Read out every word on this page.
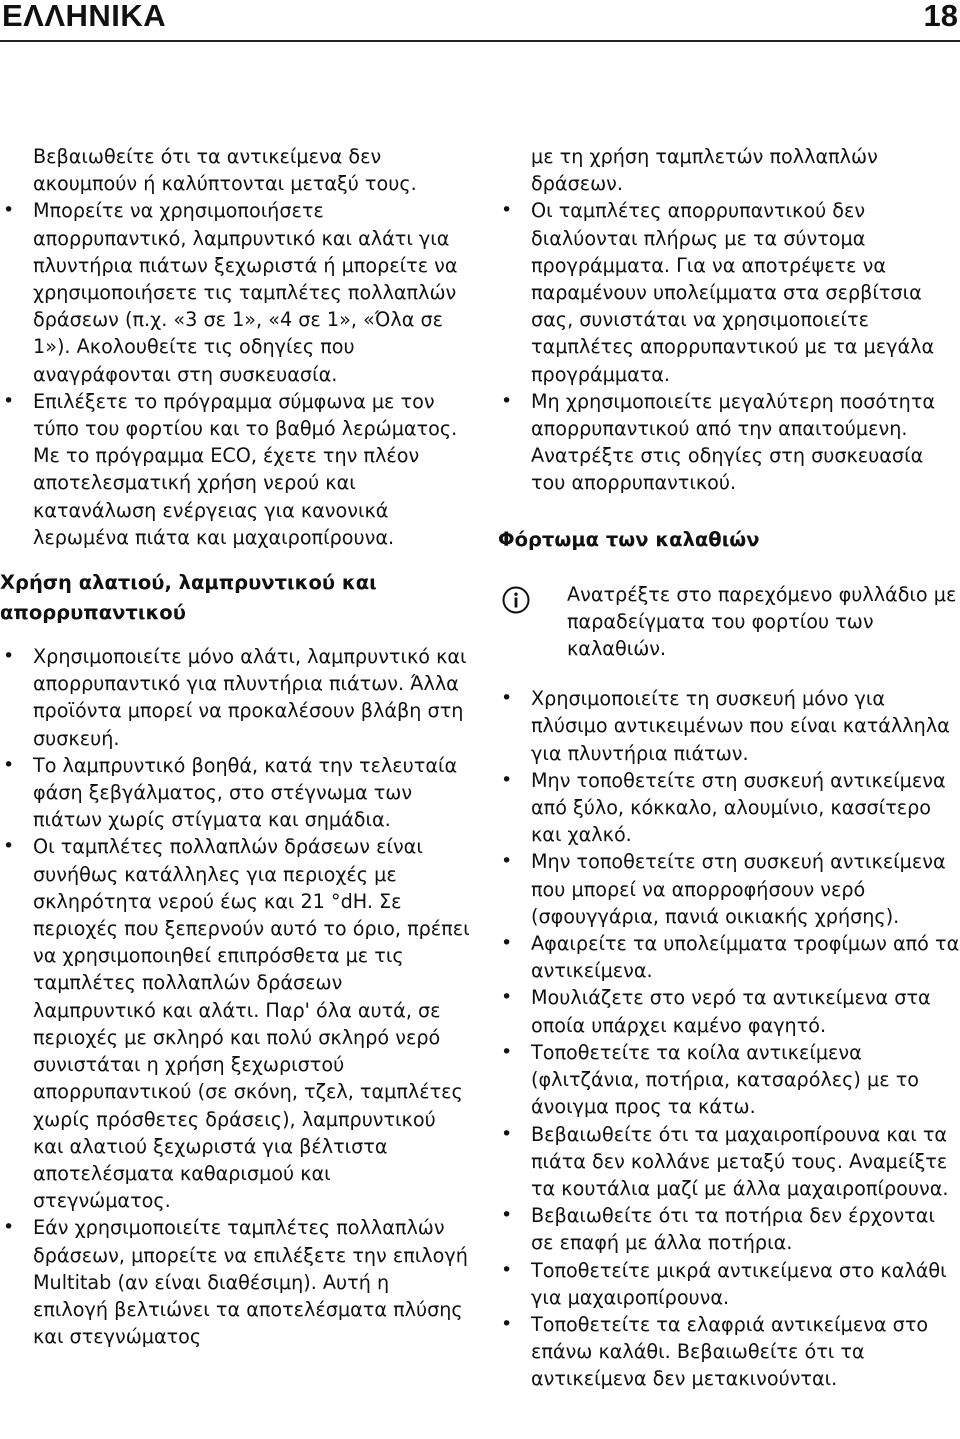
ΕΛΛΗΝΙΚΑ	18

Βεβαιωθείτε ότι τα αντικείμενα δεν ακουμπούν ή καλύπτονται μεταξύ τους.

• Μπορείτε να χρησιμοποιήσετε απορρυπαντικό, λαμπρυντικό και αλάτι για πλυντήρια πιάτων ξεχωριστά ή μπορείτε να χρησιμοποιήσετε τις ταμπλέτες πολλαπλών δράσεων (π.χ. «3 σε 1», «4 σε 1», «Όλα σε 1»). Ακολουθείτε τις οδηγίες που αναγράφονται στη συσκευασία.
• Επιλέξετε το πρόγραμμα σύμφωνα με τον τύπο του φορτίου και το βαθμό λερώματος. Με το πρόγραμμα ECO, έχετε την πλέον αποτελεσματική χρήση νερού και κατανάλωση ενέργειας για κανονικά λερωμένα πιάτα και μαχαιροπίρουνα.
Χρήση αλατιού, λαμπρυντικού και απορρυπαντικού
• Χρησιμοποιείτε μόνο αλάτι, λαμπρυντικό και απορρυπαντικό για πλυντήρια πιάτων. Άλλα προϊόντα μπορεί να προκαλέσουν βλάβη στη συσκευή.
• Το λαμπρυντικό βοηθά, κατά την τελευταία φάση ξεβγάλματος, στο στέγνωμα των πιάτων χωρίς στίγματα και σημάδια.
• Οι ταμπλέτες πολλαπλών δράσεων είναι συνήθως κατάλληλες για περιοχές με σκληρότητα νερού έως και 21 °dH. Σε περιοχές που ξεπερνούν αυτό το όριο, πρέπει να χρησιμοποιηθεί επιπρόσθετα με τις ταμπλέτες πολλαπλών δράσεων λαμπρυντικό και αλάτι. Παρ' όλα αυτά, σε περιοχές με σκληρό και πολύ σκληρό νερό συνιστάται η χρήση ξεχωριστού απορρυπαντικού (σε σκόνη, τζελ, ταμπλέτες χωρίς πρόσθετες δράσεις), λαμπρυντικού και αλατιού ξεχωριστά για βέλτιστα αποτελέσματα καθαρισμού και στεγνώματος.
• Εάν χρησιμοποιείτε ταμπλέτες πολλαπλών δράσεων, μπορείτε να επιλέξετε την επιλογή Multitab (αν είναι διαθέσιμη). Αυτή η επιλογή βελτιώνει τα αποτελέσματα πλύσης και στεγνώματος

με τη χρήση ταμπλετών πολλαπλών δράσεων.

• Οι ταμπλέτες απορρυπαντικού δεν διαλύονται πλήρως με τα σύντομα προγράμματα. Για να αποτρέψετε να παραμένουν υπολείμματα στα σερβίτσια σας, συνιστάται να χρησιμοποιείτε ταμπλέτες απορρυπαντικού με τα μεγάλα προγράμματα.
• Μη χρησιμοποιείτε μεγαλύτερη ποσότητα απορρυπαντικού από την απαιτούμενη. Ανατρέξτε στις οδηγίες στη συσκευασία του απορρυπαντικού.
Φόρτωμα των καλαθιών
Ανατρέξτε στο παρεχόμενο φυλλάδιο με παραδείγματα του φορτίου των καλαθιών.
• Χρησιμοποιείτε τη συσκευή μόνο για πλύσιμο αντικειμένων που είναι κατάλληλα για πλυντήρια πιάτων.
• Μην τοποθετείτε στη συσκευή αντικείμενα από ξύλο, κόκκαλο, αλουμίνιο, κασσίτερο και χαλκό.
• Μην τοποθετείτε στη συσκευή αντικείμενα που μπορεί να απορροφήσουν νερό (σφουγγάρια, πανιά οικιακής χρήσης).
• Αφαιρείτε τα υπολείμματα τροφίμων από τα αντικείμενα.
• Μουλιάζετε στο νερό τα αντικείμενα στα οποία υπάρχει καμένο φαγητό.
• Τοποθετείτε τα κοίλα αντικείμενα (φλιτζάνια, ποτήρια, κατσαρόλες) με το άνοιγμα προς τα κάτω.
• Βεβαιωθείτε ότι τα μαχαιροπίρουνα και τα πιάτα δεν κολλάνε μεταξύ τους. Αναμείξτε τα κουτάλια μαζί με άλλα μαχαιροπίρουνα.
• Βεβαιωθείτε ότι τα ποτήρια δεν έρχονται σε επαφή με άλλα ποτήρια.
• Τοποθετείτε μικρά αντικείμενα στο καλάθι για μαχαιροπίρουνα.
• Τοποθετείτε τα ελαφριά αντικείμενα στο επάνω καλάθι. Βεβαιωθείτε ότι τα αντικείμενα δεν μετακινούνται.
